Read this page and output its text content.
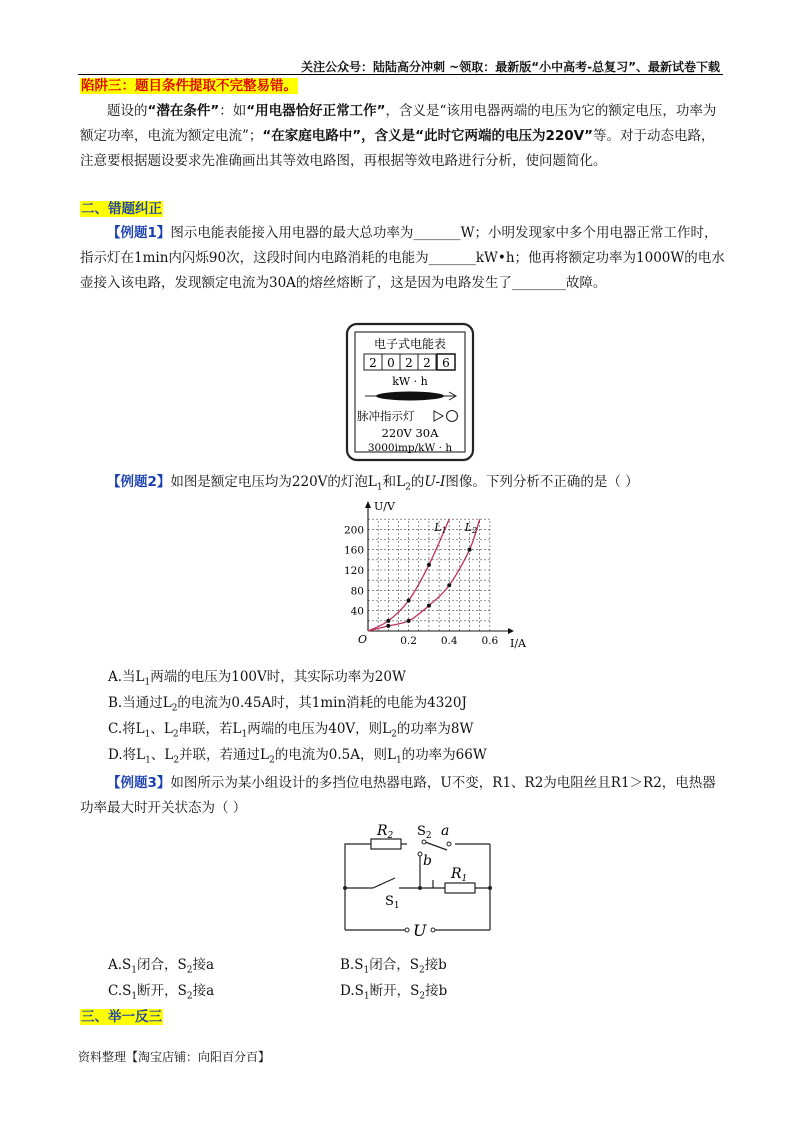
关注公众号：陆陆高分冲刺 ~领取：最新版“小中高考-总复习”、最新试卷下载
陷阱三：题目条件提取不完整易错。
题设的“潜在条件”：如“用电器恰好正常工作”，含义是“该用电器两端的电压为它的额定电压，功率为额定功率，电流为额定电流”；“在家庭电路中”，含义是“此时它两端的电压为220V”等。对于动态电路，注意要根据题设要求先准确画出其等效电路图，再根据等效电路进行分析，使问题简化。
二、错题纠正
【例题1】图示电能表能接入用电器的最大总功率为_______W；小明发现家中多个用电器正常工作时，指示灯在1min内闪烁90次，这段时间内电路消耗的电能为_______kW•h；他再将额定功率为1000W的电水壶接入该电路，发现额定电流为30A的熔丝熔断了，这是因为电路发生了________故障。
电子式电能表
2 0 2 2 6
kW · h
脉冲指示灯
220V 30A
3000imp/kW · h
【例题2】如图是额定电压均为220V的灯泡$L_1$和$L_2$的U-I图像。下列分析不正确的是（ ）
0.2 0.4 0.6
40
80
120
160
200
O	I/A
U/V
L1 L2
A.当$L_1$两端的电压为100V时，其实际功率为20W
B.当通过$L_2$的电流为0.45A时，其1min消耗的电能为4320J
C.将$L_1$、$L_2$串联，若$L_1$两端的电压为40V，则$L_2$的功率为8W
D.将$L_1$、$L_2$并联，若通过$L_2$的电流为0.5A，则$L_1$的功率为66W
【例题3】如图所示为某小组设计的多挡位电热器电路，U不变，R1、R2为电阻丝且R1＞R2，电热器功率最大时开关状态为（ ）
$R_2$ $S_2$ a
b
$R_1$
$S_1$
U
$A.S_1$闭合，$S_2$接a	$B.S_1$闭合，$S_2$接b
$C.S_1$断开，$S_2$接a	$D.S_1$断开，$S_2$接b
三、举一反三
资料整理【淘宝店铺：向阳百分百】
